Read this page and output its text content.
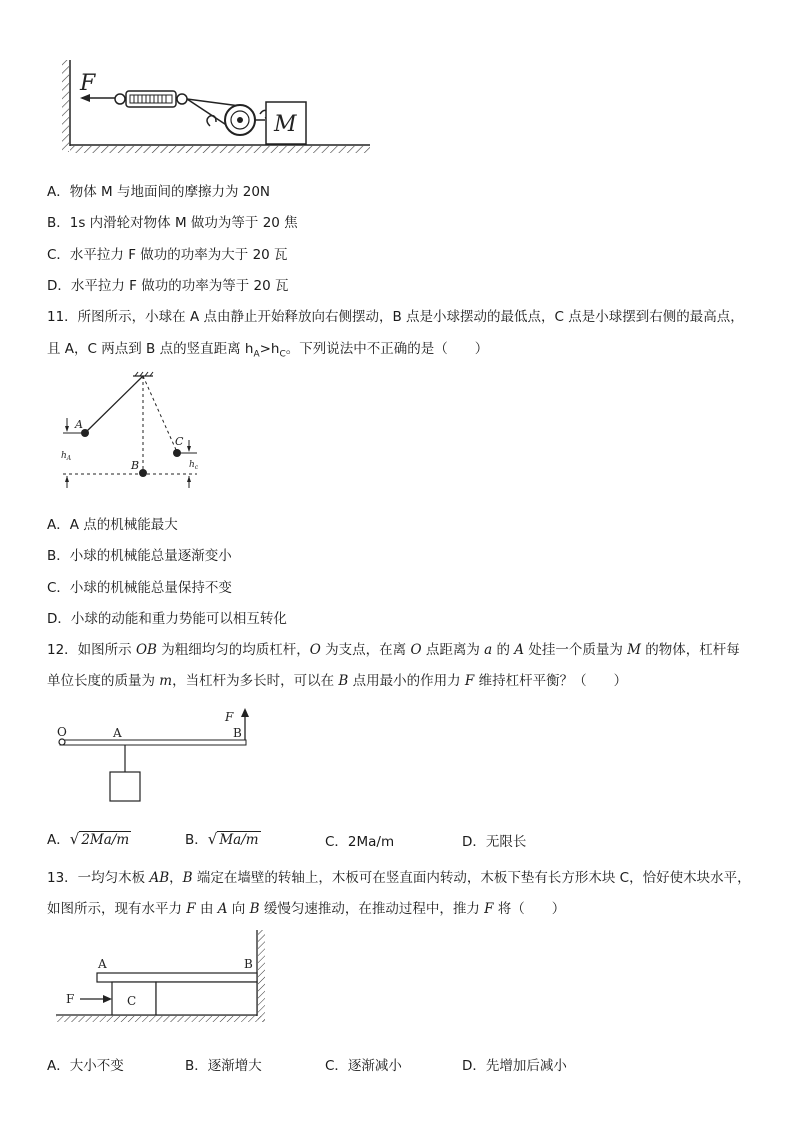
F
M
A．物体 M 与地面间的摩擦力为 20N
B．1s 内滑轮对物体 M 做功为等于 20 焦
C．水平拉力 F 做功的功率为大于 20 瓦
D．水平拉力 F 做功的功率为等于 20 瓦
11．所图所示，小球在 A 点由静止开始释放向右侧摆动，B 点是小球摆动的最低点，C 点是小球摆到右侧的最高点，
且 A，C 两点到 B 点的竖直距离 $h_A>h_C$。下列说法中不正确的是（　　）
A
B
C
$h_A$
$h_c$
A．A 点的机械能最大
B．小球的机械能总量逐渐变小
C．小球的机械能总量保持不变
D．小球的动能和重力势能可以相互转化
12．如图所示 OB 为粗细均匀的均质杠杆，O 为支点，在离 O 点距离为 a 的 A 处挂一个质量为 M 的物体，杠杆每
单位长度的质量为 m，当杠杆为多长时，可以在 B 点用最小的作用力 F 维持杠杆平衡？（　　）
O	A	B
F
A．√ 2Ma/m	B．√ Ma/m	C．2Ma/m	D．无限长
13．一均匀木板 AB，B 端定在墙壁的转轴上，木板可在竖直面内转动，木板下垫有长方形木块 C，恰好使木块水平，
如图所示，现有水平力 F 由 A 向 B 缓慢匀速推动，在推动过程中，推力 F 将（　　）
A	B
C
F
A．大小不变	B．逐渐增大	C．逐渐减小	D．先增加后减小
